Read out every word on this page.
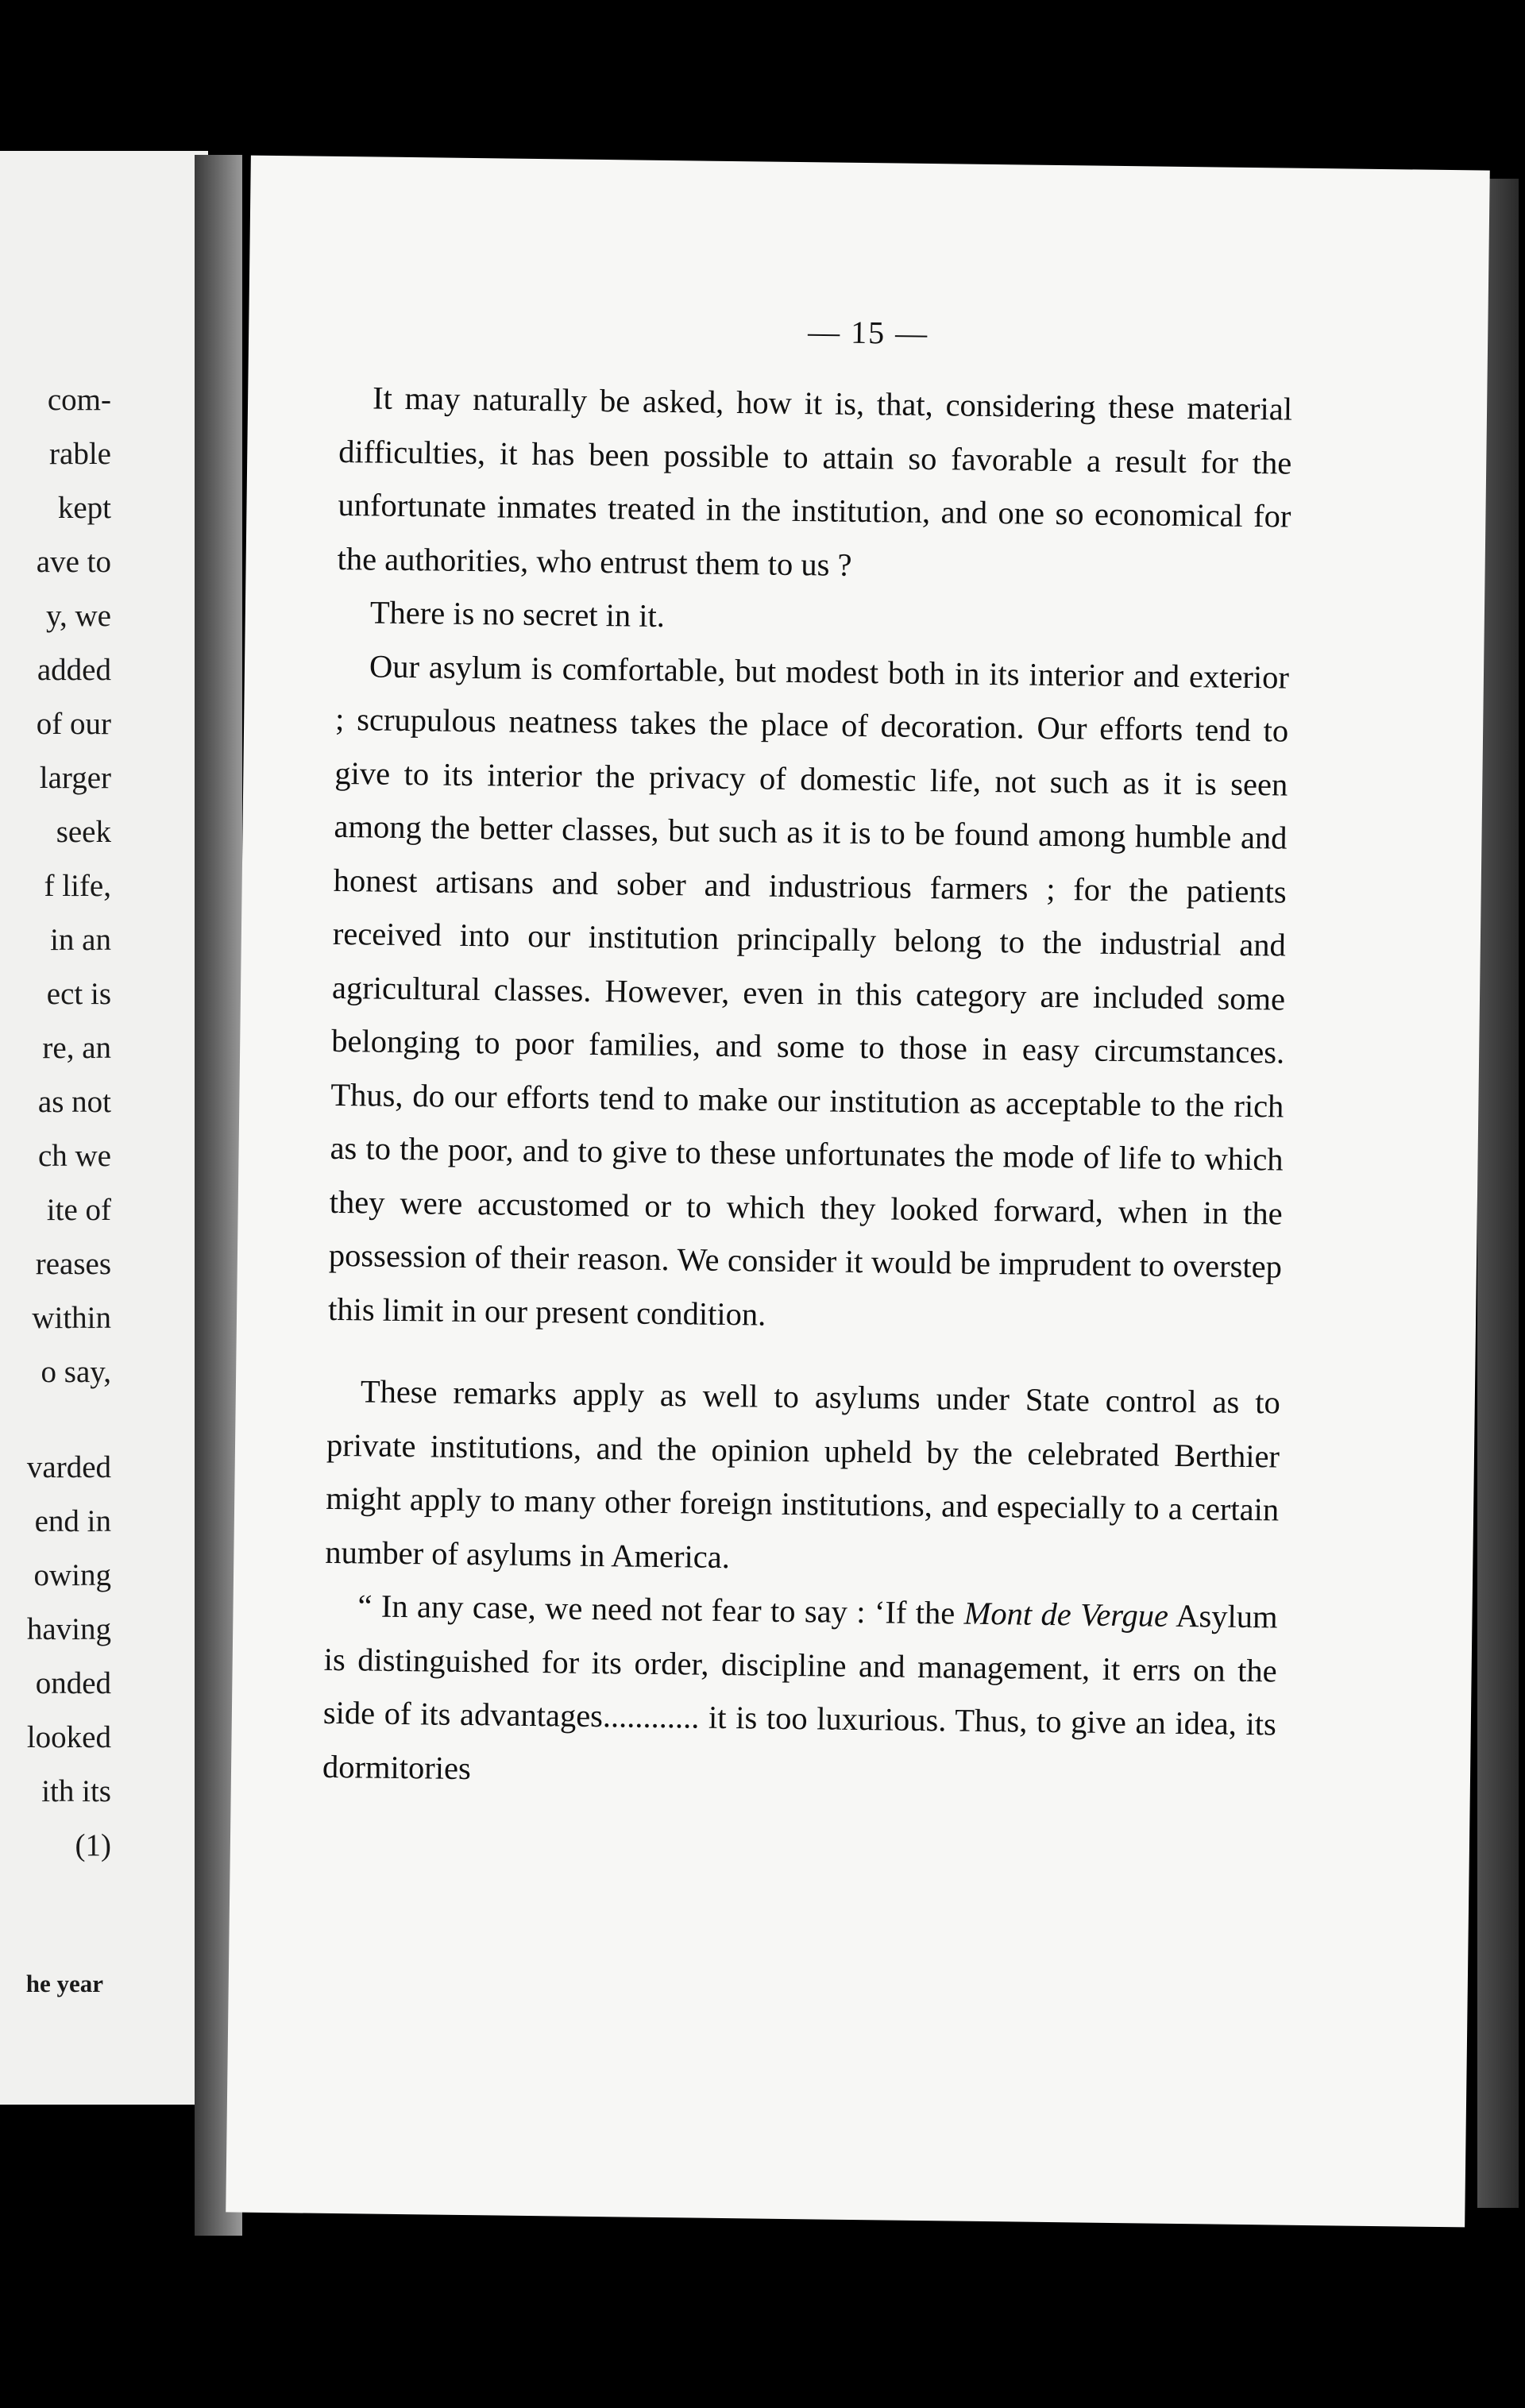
com-
rable
kept
ave to
y, we
added
of our
larger
seek
f life,
in an
ect is
re, an
as not
ch we
ite of
reases
within
o say,
varded
end in
owing
having
onded
looked
ith its
(1)
he year
— 15 —

It may naturally be asked, how it is, that, considering these material difficulties, it has been possible to attain so favorable a result for the unfortunate inmates treated in the institution, and one so economical for the authorities, who entrust them to us ?

There is no secret in it.

Our asylum is comfortable, but modest both in its interior and exterior ; scrupulous neatness takes the place of decoration. Our efforts tend to give to its interior the privacy of domestic life, not such as it is seen among the better classes, but such as it is to be found among humble and honest artisans and sober and industrious farmers ; for the patients received into our institution principally belong to the industrial and agricultural classes. However, even in this category are included some belonging to poor families, and some to those in easy circumstances. Thus, do our efforts tend to make our institution as acceptable to the rich as to the poor, and to give to these unfortunates the mode of life to which they were accustomed or to which they looked forward, when in the possession of their reason. We consider it would be imprudent to overstep this limit in our present condition.

These remarks apply as well to asylums under State control as to private institutions, and the opinion upheld by the celebrated Berthier might apply to many other foreign institutions, and especially to a certain number of asylums in America.

“ In any case, we need not fear to say : ‘If the Mont de Vergue Asylum is distinguished for its order, discipline and management, it errs on the side of its advantages............ it is too luxurious. Thus, to give an idea, its dormitories
